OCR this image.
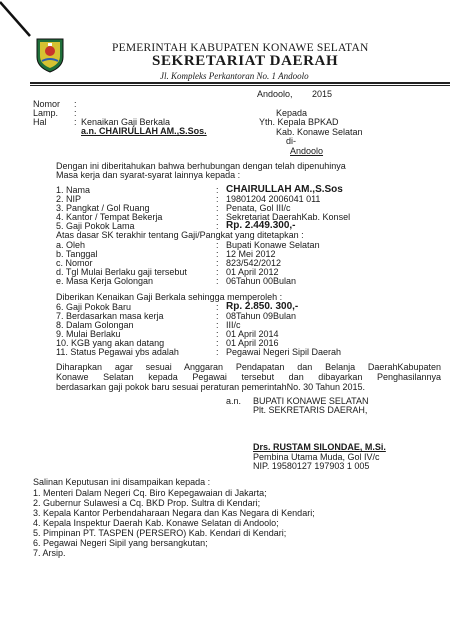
PEMERINTAH KABUPATEN KONAWE SELATAN
SEKRETARIAT DAERAH
Jl. Kompleks Perkantoran No. 1 Andoolo
Andoolo, 2015
Nomor :
Lamp. :
Hal	: Kenaikan Gaji Berkala
a.n. CHAIRULLAH AM.,S.Sos.
Kepada
Yth. Kepala BPKAD
Kab. Konawe Selatan
di-
Andoolo
Dengan ini diberitahukan bahwa berhubungan dengan telah dipenuhinya
Masa kerja dan syarat-syarat lainnya kepada :
1. Nama	: CHAIRULLAH AM.,S.Sos
2. NIP	: 19801204 2006041 011
3. Pangkat / Gol Ruang	: Penata, Gol III/c
4. Kantor / Tempat Bekerja	: Sekretariat DaerahKab. Konsel
5. Gaji Pokok Lama	: Rp. 2.449.300,-
Atas dasar SK terakhir tentang Gaji/Pangkat yang ditetapkan :
a. Oleh	: Bupati Konawe Selatan
b. Tanggal	: 12 Mei 2012
c. Nomor	: 823/542/2012
d. Tgl Mulai Berlaku gaji tersebut	: 01 April 2012
e. Masa Kerja Golongan	: 06Tahun 00Bulan
Diberikan Kenaikan Gaji Berkala sehingga memperoleh :
6. Gaji Pokok Baru	: Rp. 2.850. 300,-
7. Berdasarkan masa kerja	: 08Tahun 09Bulan
8. Dalam Golongan	: III/c
9. Mulai Berlaku	: 01 April 2014
10. KGB yang akan datang	: 01 April 2016
11. Status Pegawai ybs adalah	: Pegawai Negeri Sipil Daerah
Diharapkan agar sesuai Anggaran Pendapatan dan Belanja DaerahKabupaten
Konawe Selatan kepada Pegawai tersebut dan dibayarkan Penghasilannya
berdasarkan gaji pokok baru sesuai peraturan pemerintahNo. 30 Tahun 2015.
a.n. BUPATI KONAWE SELATAN
Plt. SEKRETARIS DAERAH,
Drs. RUSTAM SILONDAE, M.Si.
Pembina Utama Muda, Gol IV/c
NIP. 19580127 197903 1 005
Salinan Keputusan ini disampaikan kepada :
1. Menteri Dalam Negeri Cq. Biro Kepegawaian di Jakarta;
2. Gubernur Sulawesi a Cq. BKD Prop. Sultra di Kendari;
3. Kepala Kantor Perbendaharaan Negara dan Kas Negara di Kendari;
4. Kepala Inspektur Daerah Kab. Konawe Selatan di Andoolo;
5. Pimpinan PT. TASPEN (PERSERO) Kab. Kendari di Kendari;
6. Pegawai Negeri Sipil yang bersangkutan;
7. Arsip.
